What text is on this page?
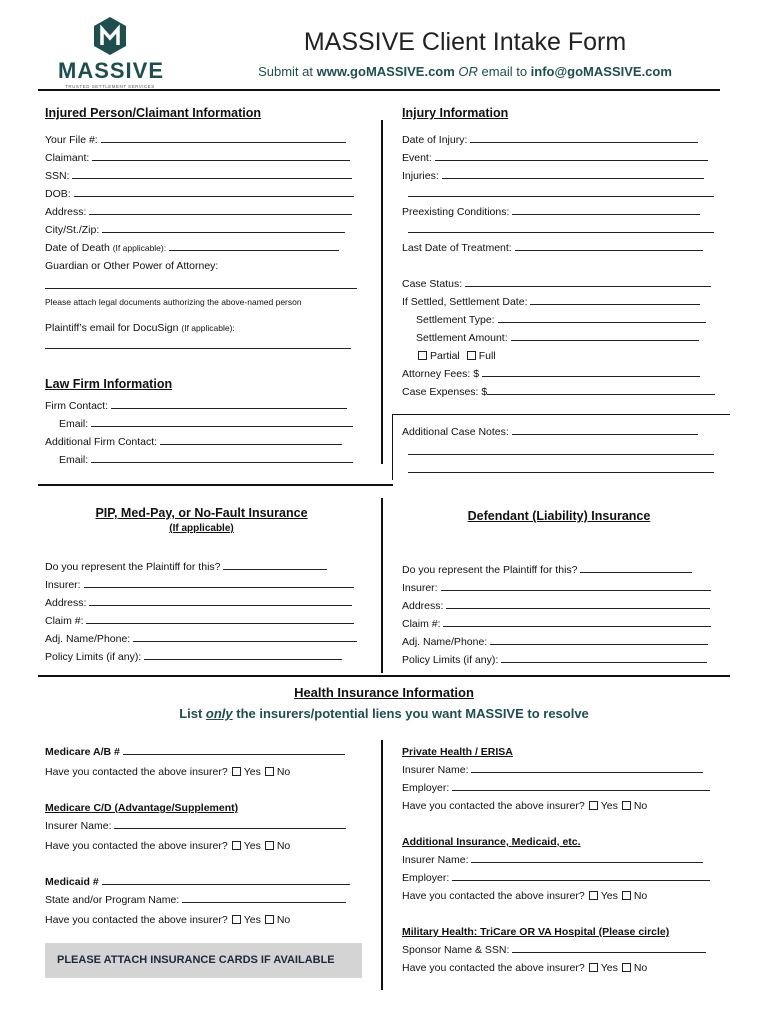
MASSIVE
TRUSTED SETTLEMENT SERVICES
MASSIVE Client Intake Form
Submit at www.goMASSIVE.com OR email to info@goMASSIVE.com
Injured Person/Claimant Information
Your File #:
Claimant:
SSN:
DOB:
Address:
City/St./Zip:
Date of Death (If applicable):
Guardian or Other Power of Attorney:
Please attach legal documents authorizing the above-named person
Plaintiff’s email for DocuSign (If applicable):
Law Firm Information
Firm Contact:
Email:
Additional Firm Contact:
Email:
Injury Information
Date of Injury:
Event:
Injuries:
Preexisting Conditions:
Last Date of Treatment:
Case Status:
If Settled, Settlement Date:
Settlement Type:
Settlement Amount:
Partial Full
Attorney Fees: $
Case Expenses: $
Additional Case Notes:
PIP, Med-Pay, or No-Fault Insurance
(If applicable)
Do you represent the Plaintiff for this?
Insurer:
Address:
Claim #:
Adj. Name/Phone:
Policy Limits (if any):
Defendant (Liability) Insurance
Do you represent the Plaintiff for this?
Insurer:
Address:
Claim #:
Adj. Name/Phone:
Policy Limits (if any):
Health Insurance Information
List only the insurers/potential liens you want MASSIVE to resolve
Medicare A/B #
Have you contacted the above insurer? Yes No
Medicare C/D (Advantage/Supplement)
Insurer Name:
Have you contacted the above insurer? Yes No
Medicaid #
State and/or Program Name:
Have you contacted the above insurer? Yes No
PLEASE ATTACH INSURANCE CARDS IF AVAILABLE
Private Health / ERISA
Insurer Name:
Employer:
Have you contacted the above insurer? Yes No
Additional Insurance, Medicaid, etc.
Insurer Name:
Employer:
Have you contacted the above insurer? Yes No
Military Health: TriCare OR VA Hospital (Please circle)
Sponsor Name & SSN:
Have you contacted the above insurer? Yes No
